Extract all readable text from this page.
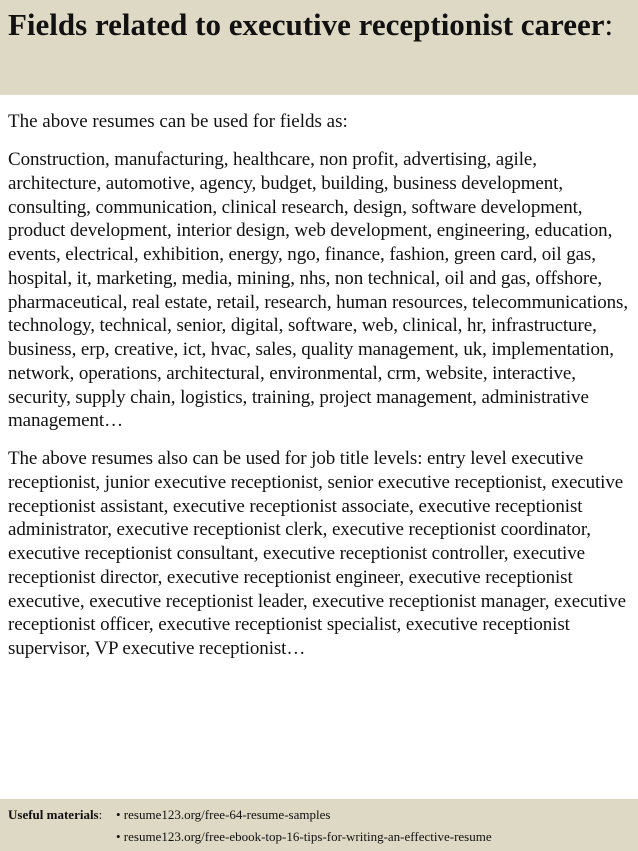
Fields related to executive receptionist career:

The above resumes can be used for fields as:

Construction, manufacturing, healthcare, non profit, advertising, agile, architecture, automotive, agency, budget, building, business development, consulting, communication, clinical research, design, software development, product development, interior design, web development, engineering, education, events, electrical, exhibition, energy, ngo, finance, fashion, green card, oil gas, hospital, it, marketing, media, mining, nhs, non technical, oil and gas, offshore, pharmaceutical, real estate, retail, research, human resources, telecommunications, technology, technical, senior, digital, software, web, clinical, hr, infrastructure, business, erp, creative, ict, hvac, sales, quality management, uk, implementation, network, operations, architectural, environmental, crm, website, interactive, security, supply chain, logistics, training, project management, administrative management…

The above resumes also can be used for job title levels: entry level executive receptionist, junior executive receptionist, senior executive receptionist, executive receptionist assistant, executive receptionist associate, executive receptionist administrator, executive receptionist clerk, executive receptionist coordinator, executive receptionist consultant, executive receptionist controller, executive receptionist director, executive receptionist engineer, executive receptionist executive, executive receptionist leader, executive receptionist manager, executive receptionist officer, executive receptionist specialist, executive receptionist supervisor, VP executive receptionist…

Useful materials: • resume123.org/free-64-resume-samples
• resume123.org/free-ebook-top-16-tips-for-writing-an-effective-resume
